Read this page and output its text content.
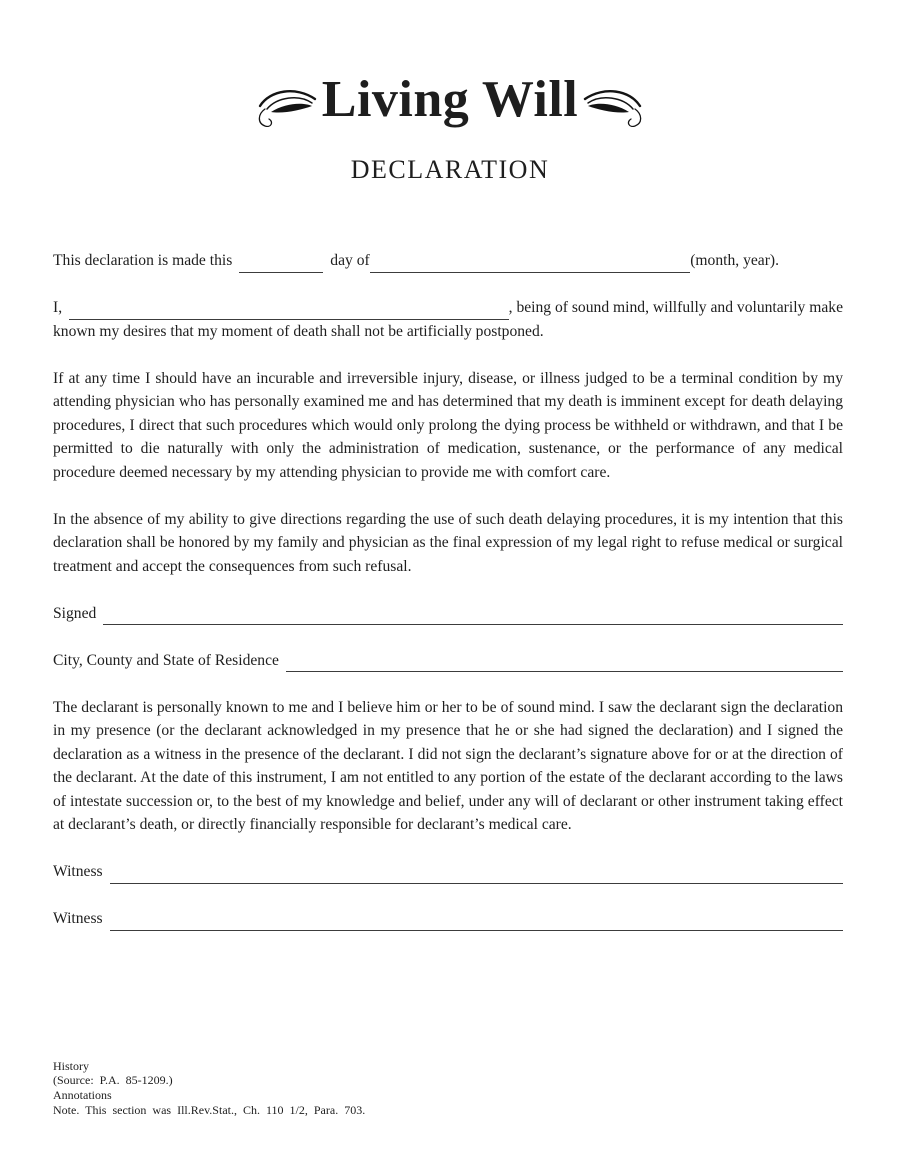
Living Will
DECLARATION
This declaration is made this	day of	(month, year).
I,	, being of sound mind, willfully and voluntarily make
known my desires that my moment of death shall not be artificially postponed.

If at any time I should have an incurable and irreversible injury, disease, or illness judged to be a terminal condition by my attending physician who has personally examined me and has determined that my death is imminent except for death delaying procedures, I direct that such procedures which would only prolong the dying process be withheld or withdrawn, and that I be permitted to die naturally with only the administration of medication, sustenance, or the performance of any medical procedure deemed necessary by my attending physician to provide me with comfort care.

In the absence of my ability to give directions regarding the use of such death delaying procedures, it is my intention that this declaration shall be honored by my family and physician as the final expression of my legal right to refuse medical or surgical treatment and accept the consequences from such refusal.

Signed
City, County and State of Residence

The declarant is personally known to me and I believe him or her to be of sound mind. I saw the declarant sign the declaration in my presence (or the declarant acknowledged in my presence that he or she had signed the declaration) and I signed the declaration as a witness in the presence of the declarant. I did not sign the declarant’s signature above for or at the direction of the declarant. At the date of this instrument, I am not entitled to any portion of the estate of the declarant according to the laws of intestate succession or, to the best of my knowledge and belief, under any will of declarant or other instrument taking effect at declarant’s death, or directly financially responsible for declarant’s medical care.

Witness
Witness
History
(Source: P.A. 85-1209.)
Annotations
Note. This section was Ill.Rev.Stat., Ch. 110 1/2, Para. 703.
